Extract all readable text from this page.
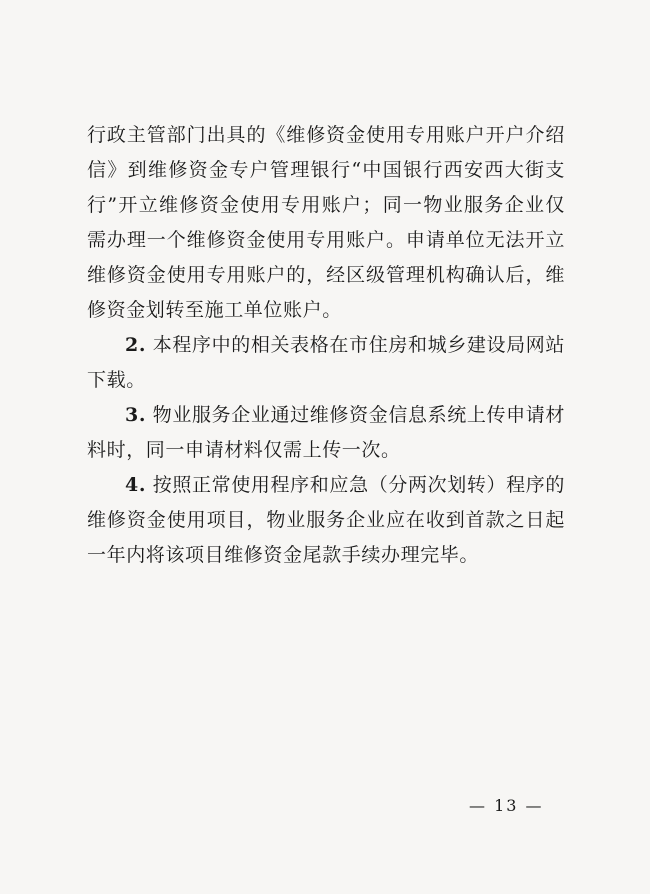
行政主管部门出具的《维修资金使用专用账户开户介绍信》到维修资金专户管理银行“中国银行西安西大街支行”开立维修资金使用专用账户；同一物业服务企业仅需办理一个维修资金使用专用账户。申请单位无法开立维修资金使用专用账户的，经区级管理机构确认后，维修资金划转至施工单位账户。

2. 本程序中的相关表格在市住房和城乡建设局网站下载。

3. 物业服务企业通过维修资金信息系统上传申请材料时，同一申请材料仅需上传一次。

4. 按照正常使用程序和应急（分两次划转）程序的维修资金使用项目，物业服务企业应在收到首款之日起一年内将该项目维修资金尾款手续办理完毕。

— 13 —
